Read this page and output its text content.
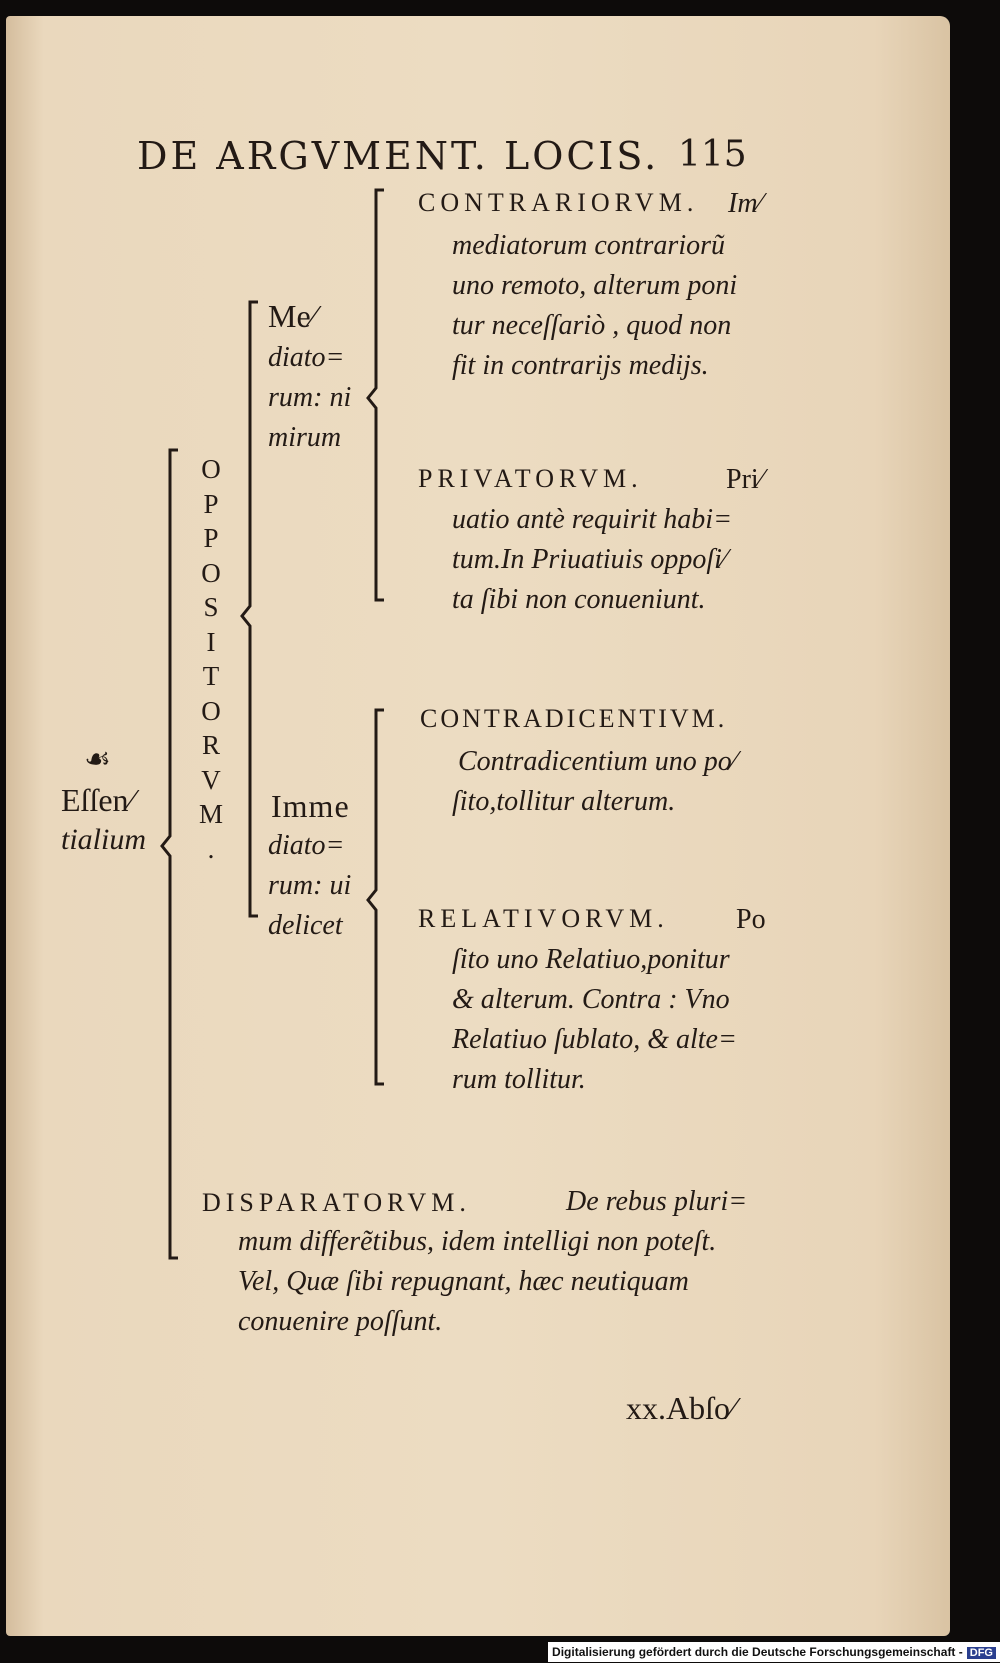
DE ARGVMENT. LOCIS. 115

☙

Eſſen⁄

tialium

O
P
P
O
S
I
T
O
R
V
M
.

Me⁄

diato=

rum: ni

mirum

Imme

diato=

rum: ui

delicet

CONTRARIORVM. Im⁄

mediatorum contrariorũ

uno remoto, alterum poni

tur neceſſariò , quod non

fit in contrarijs medijs.

PRIVATORVM.	Pri⁄

uatio antè requirit habi=

tum.In Priuatiuis oppoſi⁄

ta ſibi non conueniunt.

CONTRADICENTIVM.

Contradicentium uno po⁄

ſito,tollitur alterum.

RELATIVORVM. Po

ſito uno Relatiuo,ponitur

& alterum. Contra : Vno

Relatiuo ſublato, & alte=

rum tollitur.

DISPARATORVM.	De rebus pluri=

mum differẽtibus, idem intelligi non poteſt.

Vel, Quæ ſibi repugnant, hæc neutiquam

conuenire poſſunt.

xx.Abſo⁄

Digitalisierung gefördert durch die Deutsche Forschungsgemeinschaft - DFG
